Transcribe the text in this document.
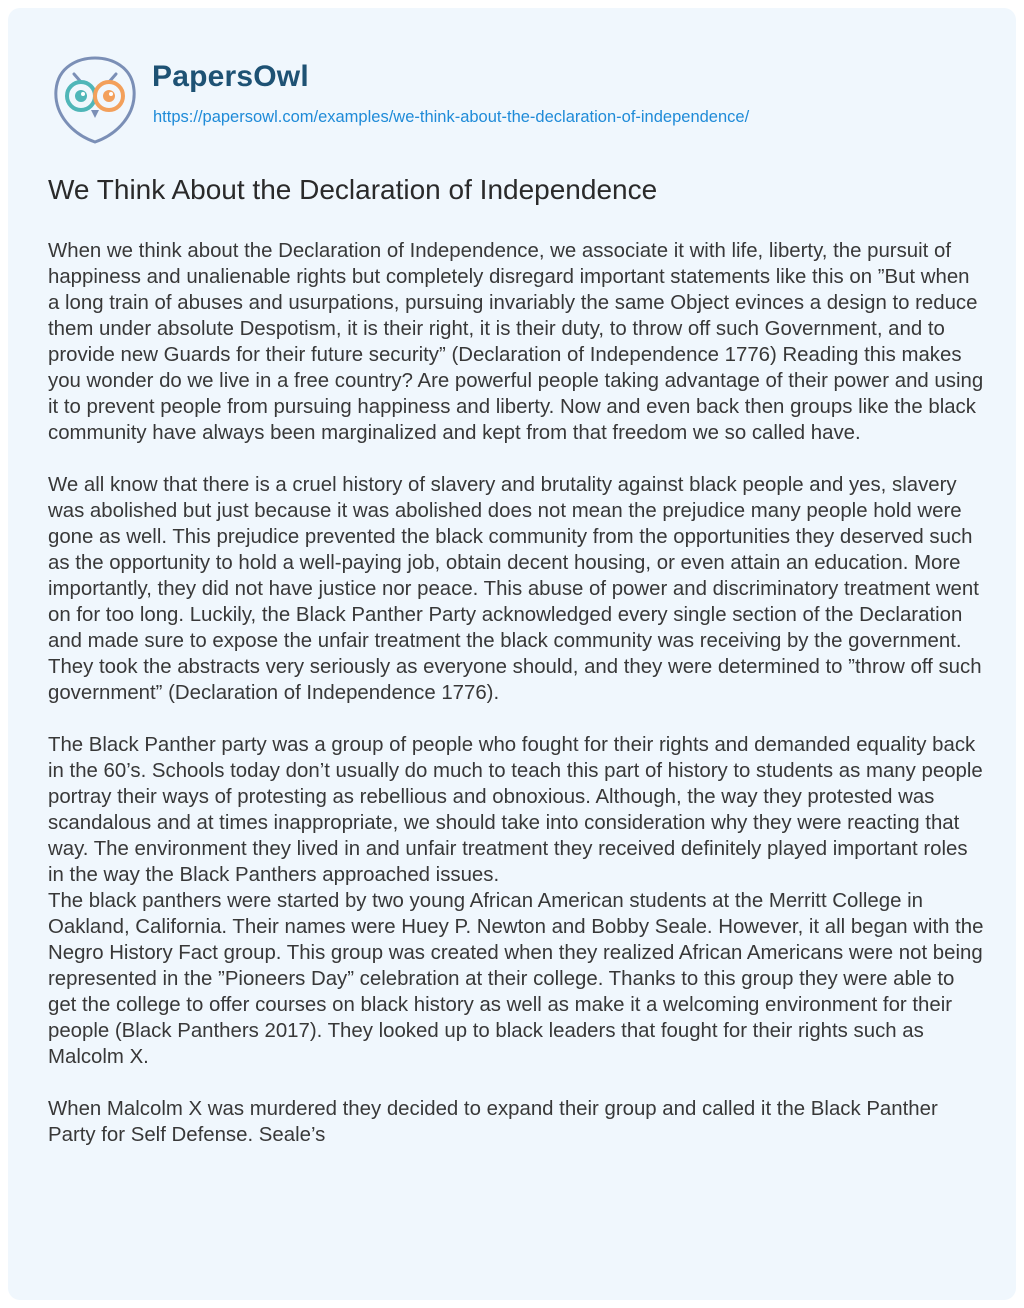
PapersOwl
https://papersowl.com/examples/we-think-about-the-declaration-of-independence/
We Think About the Declaration of Independence

When we think about the Declaration of Independence, we associate it with life, liberty, the pursuit of happiness and unalienable rights but completely disregard important statements like this on ”But when a long train of abuses and usurpations, pursuing invariably the same Object evinces a design to reduce them under absolute Despotism, it is their right, it is their duty, to throw off such Government, and to provide new Guards for their future security” (Declaration of Independence 1776) Reading this makes you wonder do we live in a free country? Are powerful people taking advantage of their power and using it to prevent people from pursuing happiness and liberty. Now and even back then groups like the black community have always been marginalized and kept from that freedom we so called have.

We all know that there is a cruel history of slavery and brutality against black people and yes, slavery was abolished but just because it was abolished does not mean the prejudice many people hold were gone as well. This prejudice prevented the black community from the opportunities they deserved such as the opportunity to hold a well-paying job, obtain decent housing, or even attain an education. More importantly, they did not have justice nor peace. This abuse of power and discriminatory treatment went on for too long. Luckily, the Black Panther Party acknowledged every single section of the Declaration and made sure to expose the unfair treatment the black community was receiving by the government. They took the abstracts very seriously as everyone should, and they were determined to ”throw off such government” (Declaration of Independence 1776).

The Black Panther party was a group of people who fought for their rights and demanded equality back in the 60’s. Schools today don’t usually do much to teach this part of history to students as many people portray their ways of protesting as rebellious and obnoxious. Although, the way they protested was scandalous and at times inappropriate, we should take into consideration why they were reacting that way. The environment they lived in and unfair treatment they received definitely played important roles in the way the Black Panthers approached issues.

The black panthers were started by two young African American students at the Merritt College in Oakland, California. Their names were Huey P. Newton and Bobby Seale. However, it all began with the Negro History Fact group. This group was created when they realized African Americans were not being represented in the ”Pioneers Day” celebration at their college. Thanks to this group they were able to get the college to offer courses on black history as well as make it a welcoming environment for their people (Black Panthers 2017). They looked up to black leaders that fought for their rights such as Malcolm X.

When Malcolm X was murdered they decided to expand their group and called it the Black Panther Party for Self Defense. Seale’s
